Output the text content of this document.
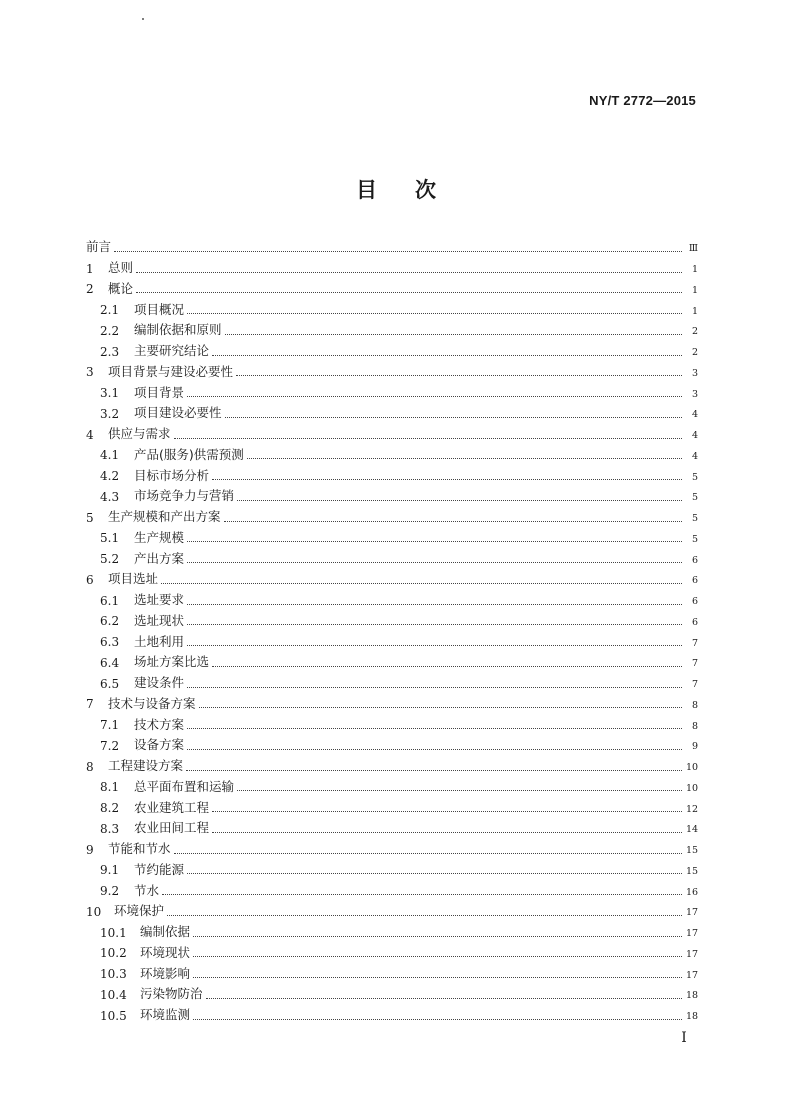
NY/T 2772—2015
目 次
前言	Ⅲ
1	总则	1
2	概论	1
2.1	项目概况	1
2.2	编制依据和原则	2
2.3	主要研究结论	2
3	项目背景与建设必要性	3
3.1	项目背景	3
3.2	项目建设必要性	4
4	供应与需求	4
4.1	产品(服务)供需预测	4
4.2	目标市场分析	5
4.3	市场竞争力与营销	5
5	生产规模和产出方案	5
5.1	生产规模	5
5.2	产出方案	6
6	项目选址	6
6.1	选址要求	6
6.2	选址现状	6
6.3	土地利用	7
6.4	场址方案比选	7
6.5	建设条件	7
7	技术与设备方案	8
7.1	技术方案	8
7.2	设备方案	9
8	工程建设方案	10
8.1	总平面布置和运输	10
8.2	农业建筑工程	12
8.3	农业田间工程	14
9	节能和节水	15
9.1	节约能源	15
9.2	节水	16
10	环境保护	17
10.1	编制依据	17
10.2	环境现状	17
10.3	环境影响	17
10.4	污染物防治	18
10.5	环境监测	18
I
